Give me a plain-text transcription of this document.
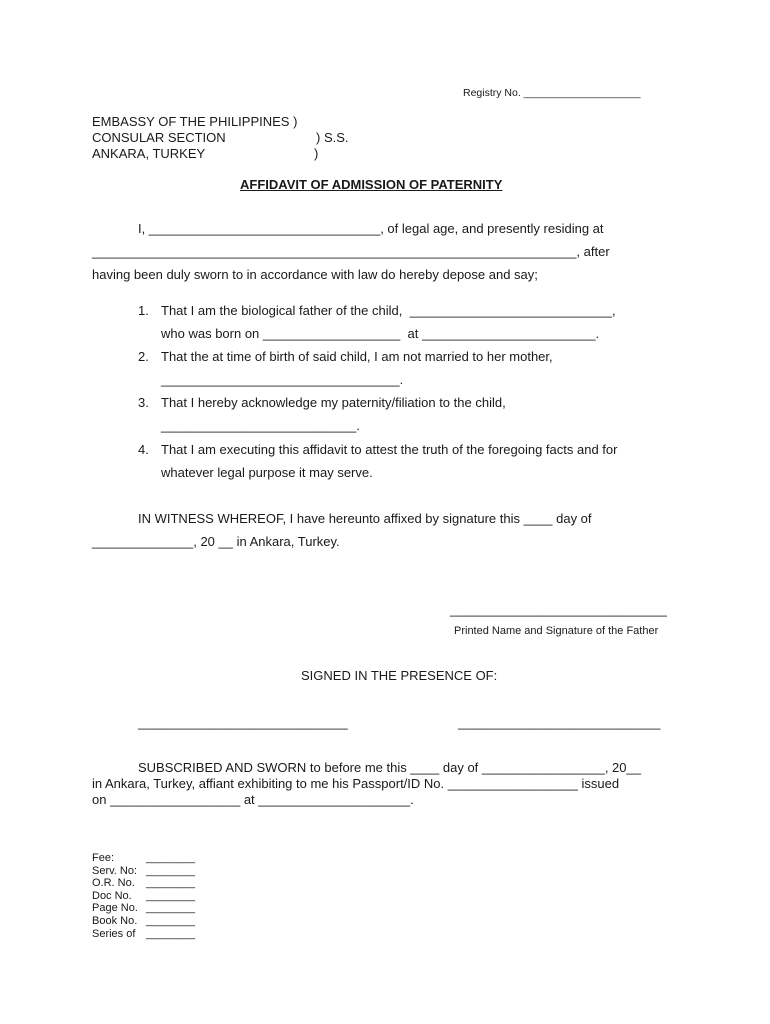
Registry No. ____________________
EMBASSY OF THE PHILIPPINES )
CONSULAR SECTION	) S.S.
ANKARA, TURKEY	)
AFFIDAVIT OF ADMISSION OF PATERNITY
I, ________________________________, of legal age, and presently residing at
___________________________________________________________________, after
having been duly sworn to in accordance with law do hereby depose and say;
1. That I am the biological father of the child,  ____________________________,
who was born on ___________________  at ________________________.
2. That the at time of birth of said child, I am not married to her mother,
_________________________________.
3. That I hereby acknowledge my paternity/filiation to the child,
___________________________.
4. That I am executing this affidavit to attest the truth of the foregoing facts and for
whatever legal purpose it may serve.
IN WITNESS WHEREOF, I have hereunto affixed by signature this ____ day of
______________, 20 __ in Ankara, Turkey.
______________________________
Printed Name and Signature of the Father
SIGNED IN THE PRESENCE OF:
_____________________________	____________________________
SUBSCRIBED AND SWORN to before me this ____ day of _________________, 20__
in Ankara, Turkey, affiant exhibiting to me his Passport/ID No. __________________ issued
on __________________ at _____________________.
Fee:	________
Serv. No: ________
O.R. No. ________
Doc No. ________
Page No. ________
Book No. ________
Series of ________
